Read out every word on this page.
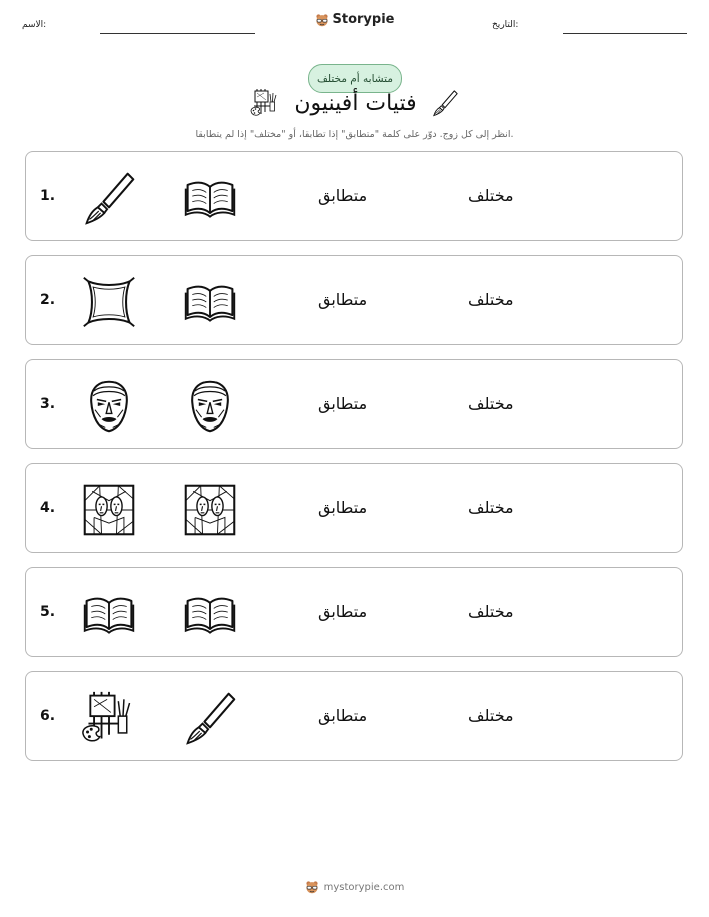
الاسم:	التاريخ:
Storypie
متشابه أم مختلف
فتيات أفينيون
انظر إلى كل زوج. دوّر على كلمة "متطابق" إذا تطابقا، أو "مختلف" إذا لم يتطابقا.
1.	متطابق	مختلف
2.	متطابق	مختلف
3.	متطابق	مختلف
4.	متطابق	مختلف
5.	متطابق	مختلف
6.	متطابق	مختلف
mystorypie.com
